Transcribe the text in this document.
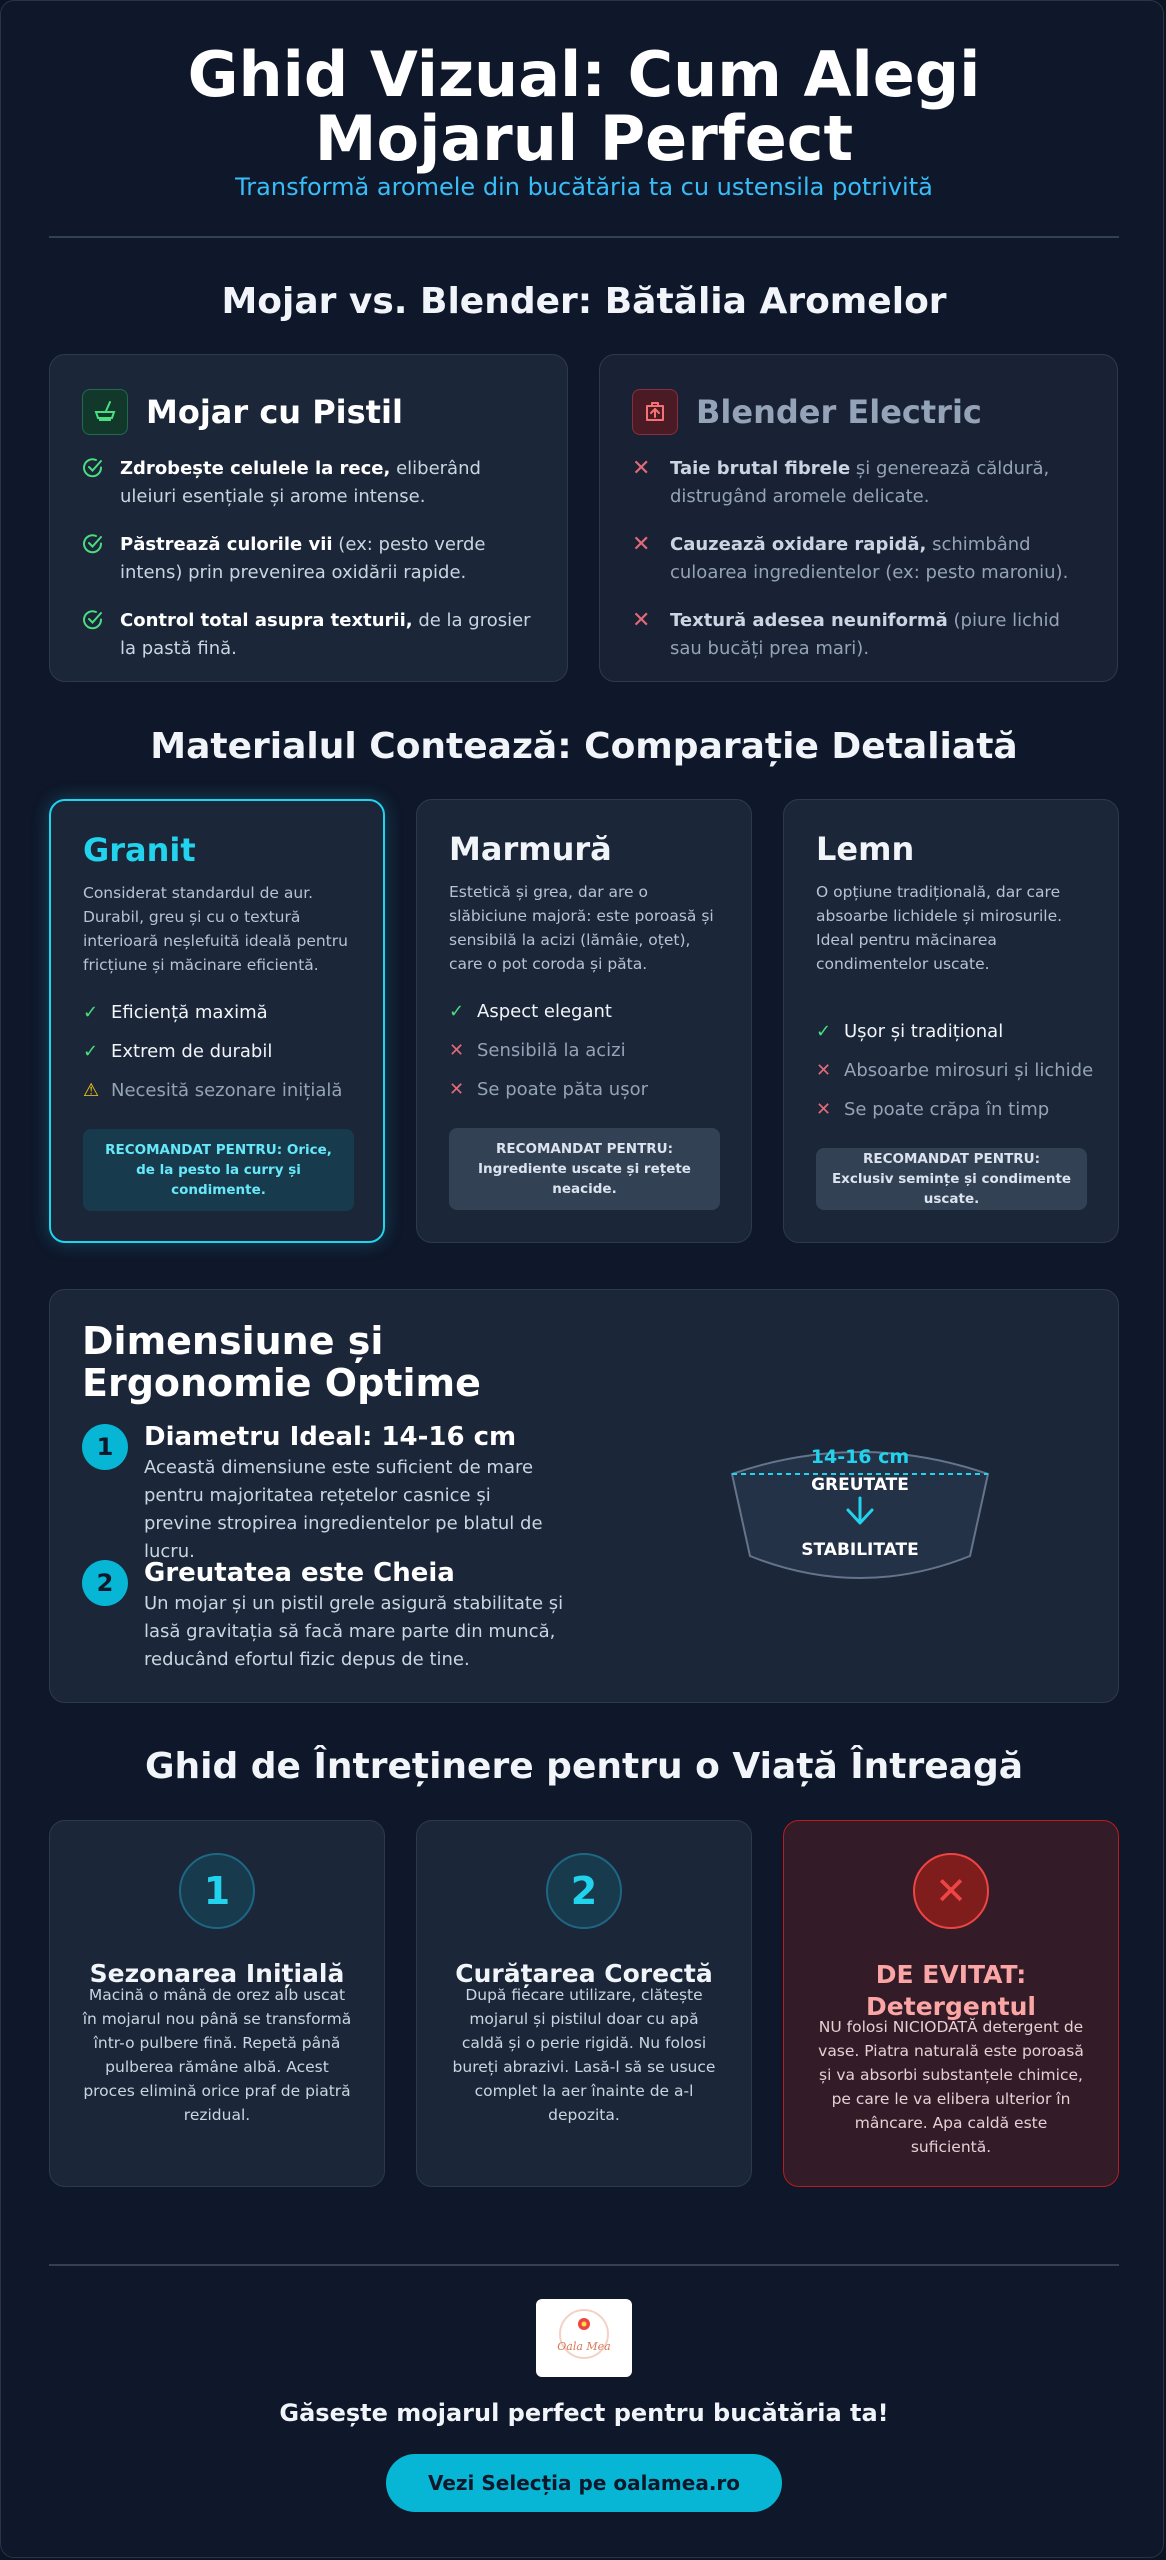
Ghid Vizual: Cum Alegi Mojarul Perfect
Transformă aromele din bucătăria ta cu ustensila potrivită
Mojar vs. Blender: Bătălia Aromelor
Mojar cu Pistil
Zdrobește celulele la rece, eliberând uleiuri esențiale și arome intense.
Păstrează culorile vii (ex: pesto verde intens) prin prevenirea oxidării rapide.
Control total asupra texturii, de la grosier la pastă fină.
Blender Electric
✕	Taie brutal fibrele și generează căldură, distrugând aromele delicate.
✕	Cauzează oxidare rapidă, schimbând culoarea ingredientelor (ex: pesto maroniu).
✕	Textură adesea neuniformă (piure lichid sau bucăți prea mari).
Materialul Contează: Comparație Detaliată
Granit
Considerat standardul de aur. Durabil, greu și cu o textură interioară neșlefuită ideală pentru fricțiune și măcinare eficientă.
✓ Eficiență maximă
✓ Extrem de durabil
⚠ Necesită sezonare inițială
RECOMANDAT PENTRU: Orice, de la pesto la curry și condimente.
Marmură
Estetică și grea, dar are o slăbiciune majoră: este poroasă și sensibilă la acizi (lămâie, oțet), care o pot coroda și păta.
✓ Aspect elegant
✕ Sensibilă la acizi
✕ Se poate păta ușor
RECOMANDAT PENTRU: Ingrediente uscate și rețete neacide.
Lemn
O opțiune tradițională, dar care absoarbe lichidele și mirosurile. Ideal pentru măcinarea condimentelor uscate.
✓ Ușor și tradițional
✕ Absoarbe mirosuri și lichide
✕ Se poate crăpa în timp
RECOMANDAT PENTRU: Exclusiv semințe și condimente uscate.
Dimensiune și Ergonomie Optime
1	Diametru Ideal: 14-16 cm
Această dimensiune este suficient de mare pentru majoritatea rețetelor casnice și previne stropirea ingredientelor pe blatul de lucru.
2	Greutatea este Cheia
Un mojar și un pistil grele asigură stabilitate și lasă gravitația să facă mare parte din muncă, reducând efortul fizic depus de tine.
14-16 cm
GREUTATE
STABILITATE
Ghid de Întreținere pentru o Viață Întreagă
1
Sezonarea Inițială
Macină o mână de orez alb uscat în mojarul nou până se transformă într-o pulbere fină. Repetă până pulberea rămâne albă. Acest proces elimină orice praf de piatră rezidual.
2
Curățarea Corectă
După fiecare utilizare, clătește mojarul și pistilul doar cu apă caldă și o perie rigidă. Nu folosi bureți abrazivi. Lasă-l să se usuce complet la aer înainte de a-l depozita.
✕
DE EVITAT: Detergentul
NU folosi NICIODATĂ detergent de vase. Piatra naturală este poroasă și va absorbi substanțele chimice, pe care le va elibera ulterior în mâncare. Apa caldă este suficientă.
Oala Mea
Găsește mojarul perfect pentru bucătăria ta!
Vezi Selecția pe oalamea.ro
